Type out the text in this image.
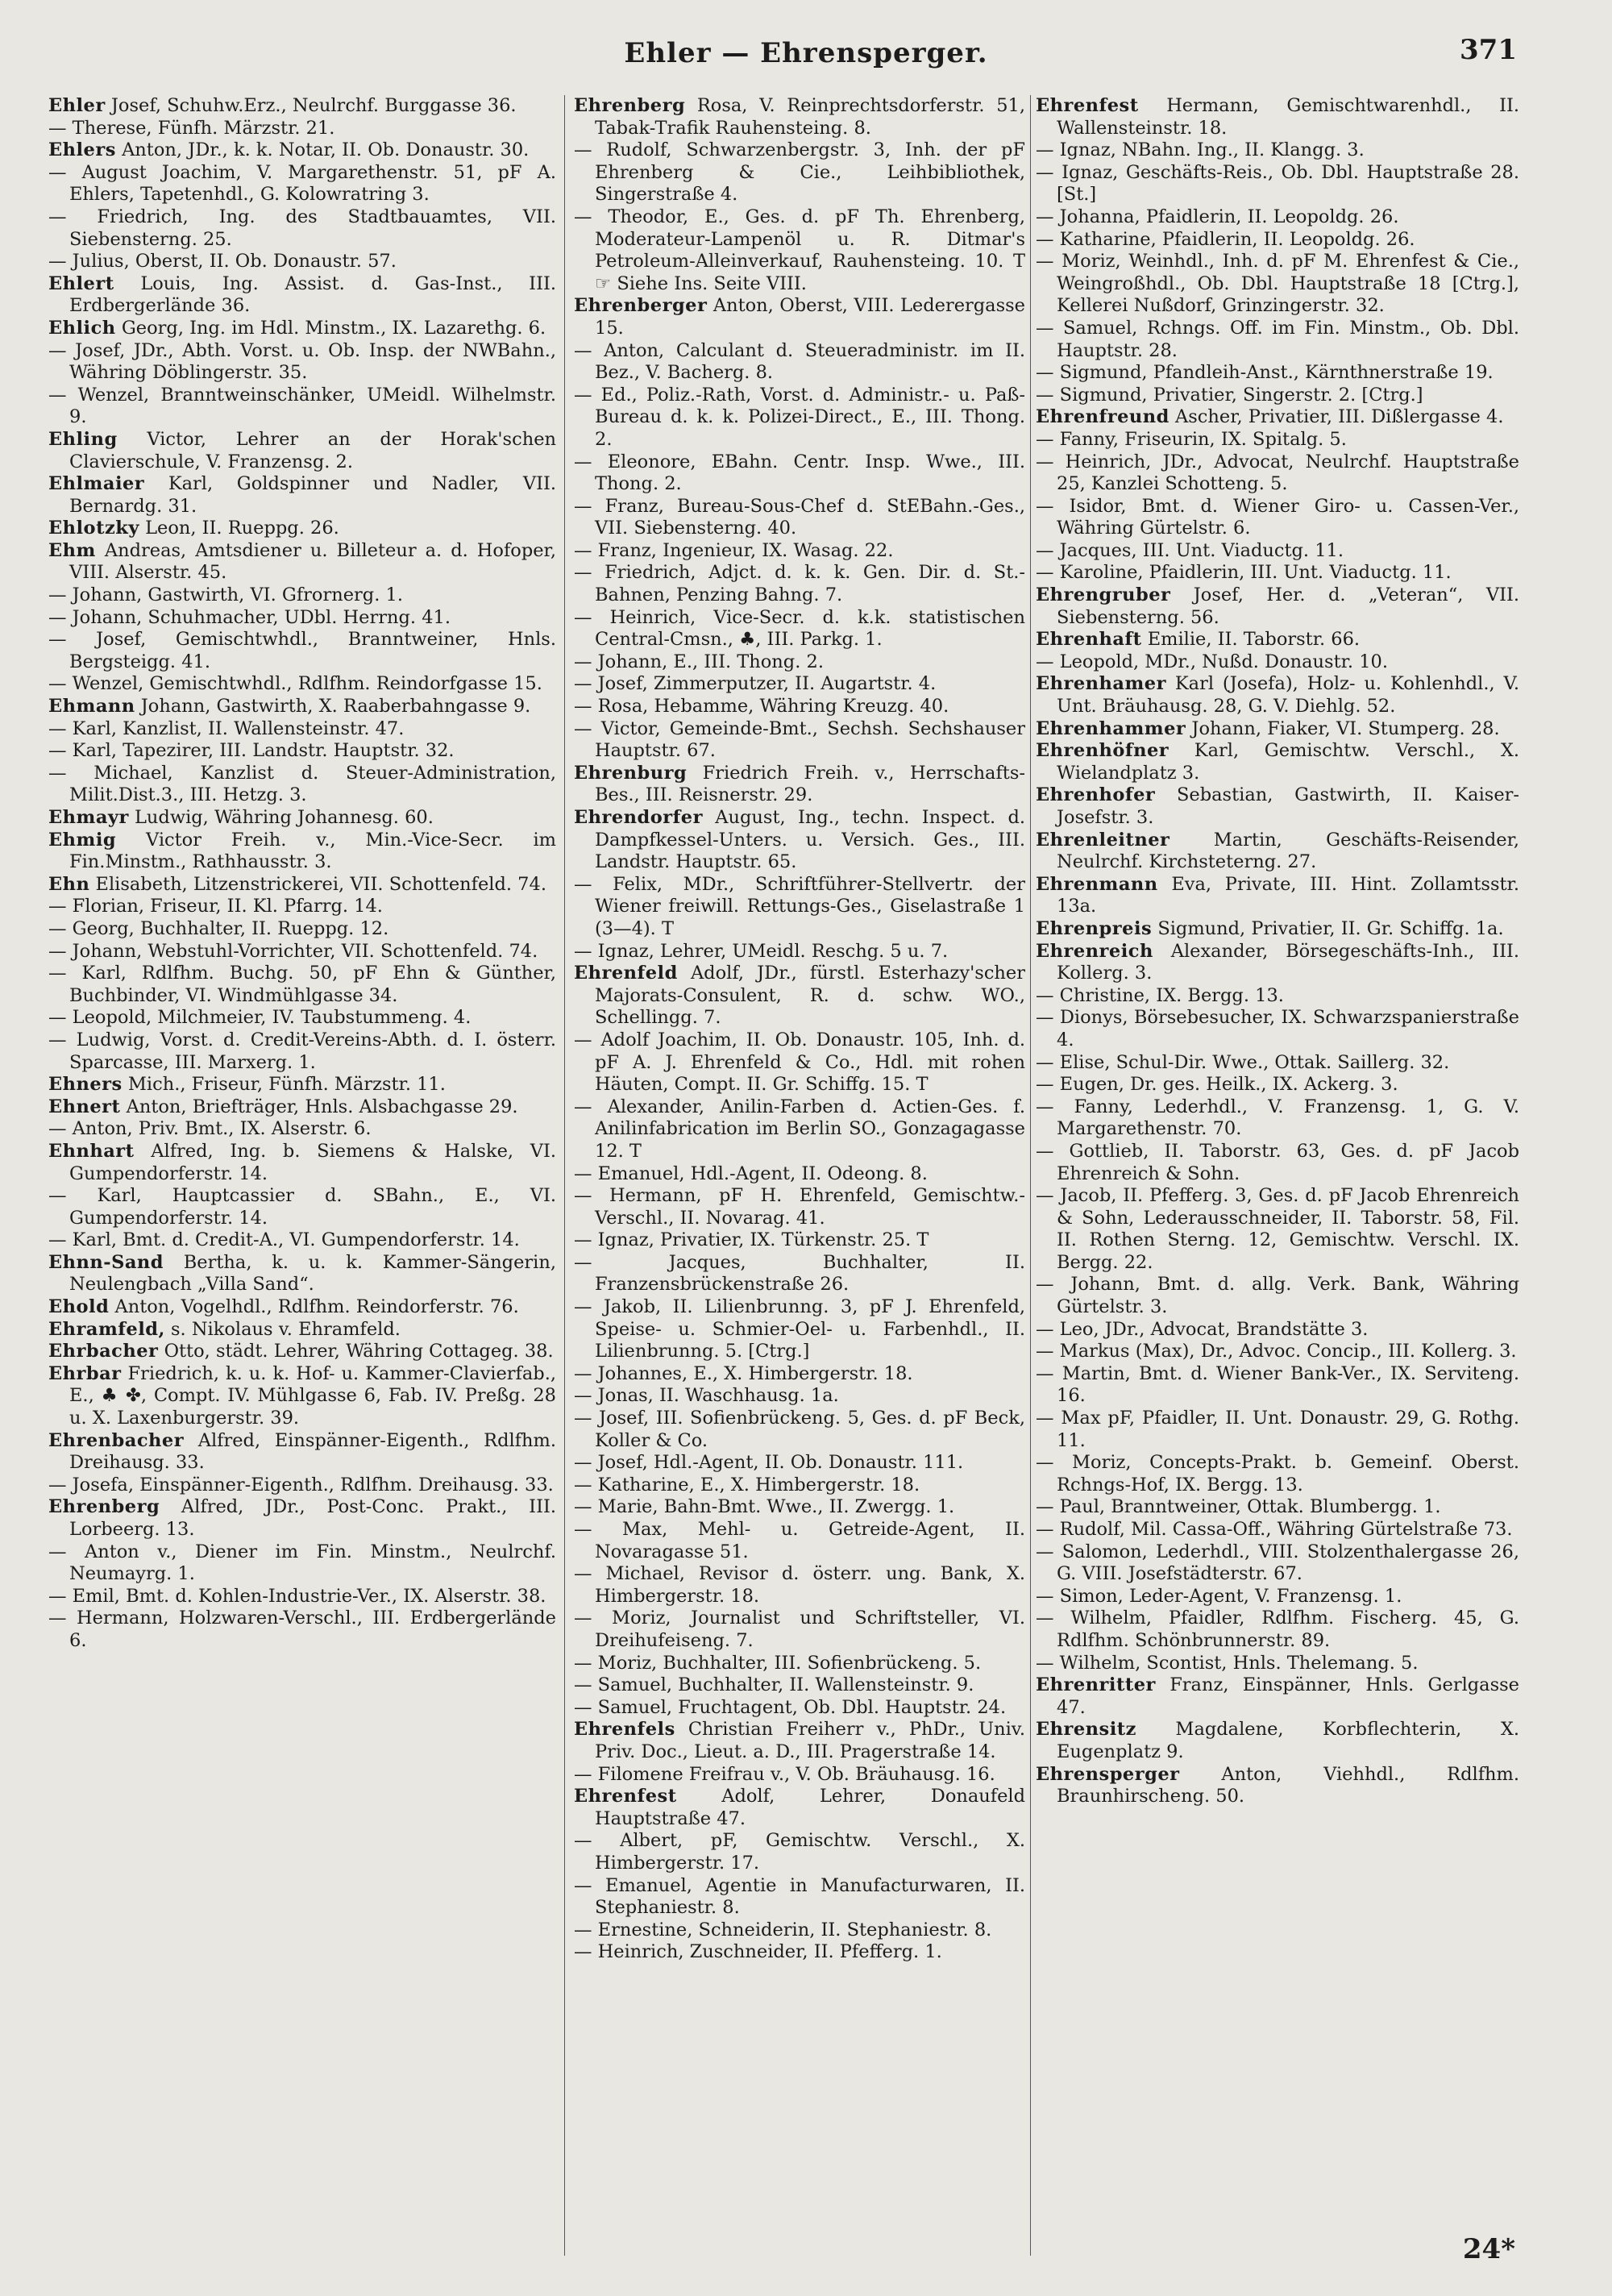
Ehler — Ehrensperger.	371

Ehler Josef, Schuhw.Erz., Neulrchf. Burggasse 36.

— Therese, Fünfh. Märzstr. 21.

Ehlers Anton, JDr., k. k. Notar, II. Ob. Donaustr. 30.

— August Joachim, V. Margarethenstr. 51, pF A. Ehlers, Tapetenhdl., G. Kolowratring 3.

— Friedrich, Ing. des Stadtbauamtes, VII. Siebensterng. 25.

— Julius, Oberst, II. Ob. Donaustr. 57.

Ehlert Louis, Ing. Assist. d. Gas-Inst., III. Erdbergerlände 36.

Ehlich Georg, Ing. im Hdl. Minstm., IX. Lazarethg. 6.

— Josef, JDr., Abth. Vorst. u. Ob. Insp. der NWBahn., Währing Döblingerstr. 35.

— Wenzel, Branntweinschänker, UMeidl. Wilhelmstr. 9.

Ehling Victor, Lehrer an der Horak'schen Clavierschule, V. Franzensg. 2.

Ehlmaier Karl, Goldspinner und Nadler, VII. Bernardg. 31.

Ehlotzky Leon, II. Rueppg. 26.

Ehm Andreas, Amtsdiener u. Billeteur a. d. Hofoper, VIII. Alserstr. 45.

— Johann, Gastwirth, VI. Gfrornerg. 1.

— Johann, Schuhmacher, UDbl. Herrng. 41.

— Josef, Gemischtwhdl., Branntweiner, Hnls. Bergsteigg. 41.

— Wenzel, Gemischtwhdl., Rdlfhm. Reindorfgasse 15.

Ehmann Johann, Gastwirth, X. Raaberbahngasse 9.

— Karl, Kanzlist, II. Wallensteinstr. 47.

— Karl, Tapezirer, III. Landstr. Hauptstr. 32.

— Michael, Kanzlist d. Steuer-Administration, Milit.Dist.3., III. Hetzg. 3.

Ehmayr Ludwig, Währing Johannesg. 60.

Ehmig Victor Freih. v., Min.-Vice-Secr. im Fin.Minstm., Rathhausstr. 3.

Ehn Elisabeth, Litzenstrickerei, VII. Schottenfeld. 74.

— Florian, Friseur, II. Kl. Pfarrg. 14.

— Georg, Buchhalter, II. Rueppg. 12.

— Johann, Webstuhl-Vorrichter, VII. Schottenfeld. 74.

— Karl, Rdlfhm. Buchg. 50, pF Ehn & Günther, Buchbinder, VI. Windmühlgasse 34.

— Leopold, Milchmeier, IV. Taubstummeng. 4.

— Ludwig, Vorst. d. Credit-Vereins-Abth. d. I. österr. Sparcasse, III. Marxerg. 1.

Ehners Mich., Friseur, Fünfh. Märzstr. 11.

Ehnert Anton, Briefträger, Hnls. Alsbachgasse 29.

— Anton, Priv. Bmt., IX. Alserstr. 6.

Ehnhart Alfred, Ing. b. Siemens & Halske, VI. Gumpendorferstr. 14.

— Karl, Hauptcassier d. SBahn., E., VI. Gumpendorferstr. 14.

— Karl, Bmt. d. Credit-A., VI. Gumpendorferstr. 14.

Ehnn-Sand Bertha, k. u. k. Kammer-Sängerin, Neulengbach „Villa Sand“.

Ehold Anton, Vogelhdl., Rdlfhm. Reindorferstr. 76.

Ehramfeld, s. Nikolaus v. Ehramfeld.

Ehrbacher Otto, städt. Lehrer, Währing Cottageg. 38.

Ehrbar Friedrich, k. u. k. Hof- u. Kammer-Clavierfab., E., ♣ ✤, Compt. IV. Mühlgasse 6, Fab. IV. Preßg. 28 u. X. Laxenburgerstr. 39.

Ehrenbacher Alfred, Einspänner-Eigenth., Rdlfhm. Dreihausg. 33.

— Josefa, Einspänner-Eigenth., Rdlfhm. Dreihausg. 33.

Ehrenberg Alfred, JDr., Post-Conc. Prakt., III. Lorbeerg. 13.

— Anton v., Diener im Fin. Minstm., Neulrchf. Neumayrg. 1.

— Emil, Bmt. d. Kohlen-Industrie-Ver., IX. Alserstr. 38.

— Hermann, Holzwaren-Verschl., III. Erdbergerlände 6.

Ehrenberg Rosa, V. Reinprechtsdorferstr. 51, Tabak-Trafik Rauhensteing. 8.

— Rudolf, Schwarzenbergstr. 3, Inh. der pF Ehrenberg & Cie., Leihbibliothek, Singerstraße 4.

— Theodor, E., Ges. d. pF Th. Ehrenberg, Moderateur-Lampenöl u. R. Ditmar's Petroleum-Alleinverkauf, Rauhensteing. 10. T ☞ Siehe Ins. Seite VIII.

Ehrenberger Anton, Oberst, VIII. Lederergasse 15.

— Anton, Calculant d. Steueradministr. im II. Bez., V. Bacherg. 8.

— Ed., Poliz.-Rath, Vorst. d. Administr.- u. Paß-Bureau d. k. k. Polizei-Direct., E., III. Thong. 2.

— Eleonore, EBahn. Centr. Insp. Wwe., III. Thong. 2.

— Franz, Bureau-Sous-Chef d. StEBahn.-Ges., VII. Siebensterng. 40.

— Franz, Ingenieur, IX. Wasag. 22.

— Friedrich, Adjct. d. k. k. Gen. Dir. d. St.-Bahnen, Penzing Bahng. 7.

— Heinrich, Vice-Secr. d. k.k. statistischen Central-Cmsn., ♣, III. Parkg. 1.

— Johann, E., III. Thong. 2.

— Josef, Zimmerputzer, II. Augartstr. 4.

— Rosa, Hebamme, Währing Kreuzg. 40.

— Victor, Gemeinde-Bmt., Sechsh. Sechshauser Hauptstr. 67.

Ehrenburg Friedrich Freih. v., Herrschafts-Bes., III. Reisnerstr. 29.

Ehrendorfer August, Ing., techn. Inspect. d. Dampfkessel-Unters. u. Versich. Ges., III. Landstr. Hauptstr. 65.

— Felix, MDr., Schriftführer-Stellvertr. der Wiener freiwill. Rettungs-Ges., Giselastraße 1 (3—4). T

— Ignaz, Lehrer, UMeidl. Reschg. 5 u. 7.

Ehrenfeld Adolf, JDr., fürstl. Esterhazy'scher Majorats-Consulent, R. d. schw. WO., Schellingg. 7.

— Adolf Joachim, II. Ob. Donaustr. 105, Inh. d. pF A. J. Ehrenfeld & Co., Hdl. mit rohen Häuten, Compt. II. Gr. Schiffg. 15. T

— Alexander, Anilin-Farben d. Actien-Ges. f. Anilinfabrication im Berlin SO., Gonzagagasse 12. T

— Emanuel, Hdl.-Agent, II. Odeong. 8.

— Hermann, pF H. Ehrenfeld, Gemischtw.-Verschl., II. Novarag. 41.

— Ignaz, Privatier, IX. Türkenstr. 25. T

— Jacques, Buchhalter, II. Franzensbrückenstraße 26.

— Jakob, II. Lilienbrunng. 3, pF J. Ehrenfeld, Speise- u. Schmier-Oel- u. Farbenhdl., II. Lilienbrunng. 5. [Ctrg.]

— Johannes, E., X. Himbergerstr. 18.

— Jonas, II. Waschhausg. 1a.

— Josef, III. Sofienbrückeng. 5, Ges. d. pF Beck, Koller & Co.

— Josef, Hdl.-Agent, II. Ob. Donaustr. 111.

— Katharine, E., X. Himbergerstr. 18.

— Marie, Bahn-Bmt. Wwe., II. Zwergg. 1.

— Max, Mehl- u. Getreide-Agent, II. Novaragasse 51.

— Michael, Revisor d. österr. ung. Bank, X. Himbergerstr. 18.

— Moriz, Journalist und Schriftsteller, VI. Dreihufeiseng. 7.

— Moriz, Buchhalter, III. Sofienbrückeng. 5.

— Samuel, Buchhalter, II. Wallensteinstr. 9.

— Samuel, Fruchtagent, Ob. Dbl. Hauptstr. 24.

Ehrenfels Christian Freiherr v., PhDr., Univ. Priv. Doc., Lieut. a. D., III. Pragerstraße 14.

— Filomene Freifrau v., V. Ob. Bräuhausg. 16.

Ehrenfest Adolf, Lehrer, Donaufeld Hauptstraße 47.

— Albert, pF, Gemischtw. Verschl., X. Himbergerstr. 17.

— Emanuel, Agentie in Manufacturwaren, II. Stephaniestr. 8.

— Ernestine, Schneiderin, II. Stephaniestr. 8.

— Heinrich, Zuschneider, II. Pfefferg. 1.

Ehrenfest Hermann, Gemischtwarenhdl., II. Wallensteinstr. 18.

— Ignaz, NBahn. Ing., II. Klangg. 3.

— Ignaz, Geschäfts-Reis., Ob. Dbl. Hauptstraße 28. [St.]

— Johanna, Pfaidlerin, II. Leopoldg. 26.

— Katharine, Pfaidlerin, II. Leopoldg. 26.

— Moriz, Weinhdl., Inh. d. pF M. Ehrenfest & Cie., Weingroßhdl., Ob. Dbl. Hauptstraße 18 [Ctrg.], Kellerei Nußdorf, Grinzingerstr. 32.

— Samuel, Rchngs. Off. im Fin. Minstm., Ob. Dbl. Hauptstr. 28.

— Sigmund, Pfandleih-Anst., Kärnthnerstraße 19.

— Sigmund, Privatier, Singerstr. 2. [Ctrg.]

Ehrenfreund Ascher, Privatier, III. Dißlergasse 4.

— Fanny, Friseurin, IX. Spitalg. 5.

— Heinrich, JDr., Advocat, Neulrchf. Hauptstraße 25, Kanzlei Schotteng. 5.

— Isidor, Bmt. d. Wiener Giro- u. Cassen-Ver., Währing Gürtelstr. 6.

— Jacques, III. Unt. Viaductg. 11.

— Karoline, Pfaidlerin, III. Unt. Viaductg. 11.

Ehrengruber Josef, Her. d. „Veteran“, VII. Siebensterng. 56.

Ehrenhaft Emilie, II. Taborstr. 66.

— Leopold, MDr., Nußd. Donaustr. 10.

Ehrenhamer Karl (Josefa), Holz- u. Kohlenhdl., V. Unt. Bräuhausg. 28, G. V. Diehlg. 52.

Ehrenhammer Johann, Fiaker, VI. Stumperg. 28.

Ehrenhöfner Karl, Gemischtw. Verschl., X. Wielandplatz 3.

Ehrenhofer Sebastian, Gastwirth, II. Kaiser-Josefstr. 3.

Ehrenleitner Martin, Geschäfts-Reisender, Neulrchf. Kirchsteterng. 27.

Ehrenmann Eva, Private, III. Hint. Zollamtsstr. 13a.

Ehrenpreis Sigmund, Privatier, II. Gr. Schiffg. 1a.

Ehrenreich Alexander, Börsegeschäfts-Inh., III. Kollerg. 3.

— Christine, IX. Bergg. 13.

— Dionys, Börsebesucher, IX. Schwarzspanierstraße 4.

— Elise, Schul-Dir. Wwe., Ottak. Saillerg. 32.

— Eugen, Dr. ges. Heilk., IX. Ackerg. 3.

— Fanny, Lederhdl., V. Franzensg. 1, G. V. Margarethenstr. 70.

— Gottlieb, II. Taborstr. 63, Ges. d. pF Jacob Ehrenreich & Sohn.

— Jacob, II. Pfefferg. 3, Ges. d. pF Jacob Ehrenreich & Sohn, Lederausschneider, II. Taborstr. 58, Fil. II. Rothen Sterng. 12, Gemischtw. Verschl. IX. Bergg. 22.

— Johann, Bmt. d. allg. Verk. Bank, Währing Gürtelstr. 3.

— Leo, JDr., Advocat, Brandstätte 3.

— Markus (Max), Dr., Advoc. Concip., III. Kollerg. 3.

— Martin, Bmt. d. Wiener Bank-Ver., IX. Serviteng. 16.

— Max pF, Pfaidler, II. Unt. Donaustr. 29, G. Rothg. 11.

— Moriz, Concepts-Prakt. b. Gemeinf. Oberst. Rchngs-Hof, IX. Bergg. 13.

— Paul, Branntweiner, Ottak. Blumbergg. 1.

— Rudolf, Mil. Cassa-Off., Währing Gürtelstraße 73.

— Salomon, Lederhdl., VIII. Stolzenthalergasse 26, G. VIII. Josefstädterstr. 67.

— Simon, Leder-Agent, V. Franzensg. 1.

— Wilhelm, Pfaidler, Rdlfhm. Fischerg. 45, G. Rdlfhm. Schönbrunnerstr. 89.

— Wilhelm, Scontist, Hnls. Thelemang. 5.

Ehrenritter Franz, Einspänner, Hnls. Gerlgasse 47.

Ehrensitz Magdalene, Korbflechterin, X. Eugenplatz 9.

Ehrensperger Anton, Viehhdl., Rdlfhm. Braunhirscheng. 50.

24*
